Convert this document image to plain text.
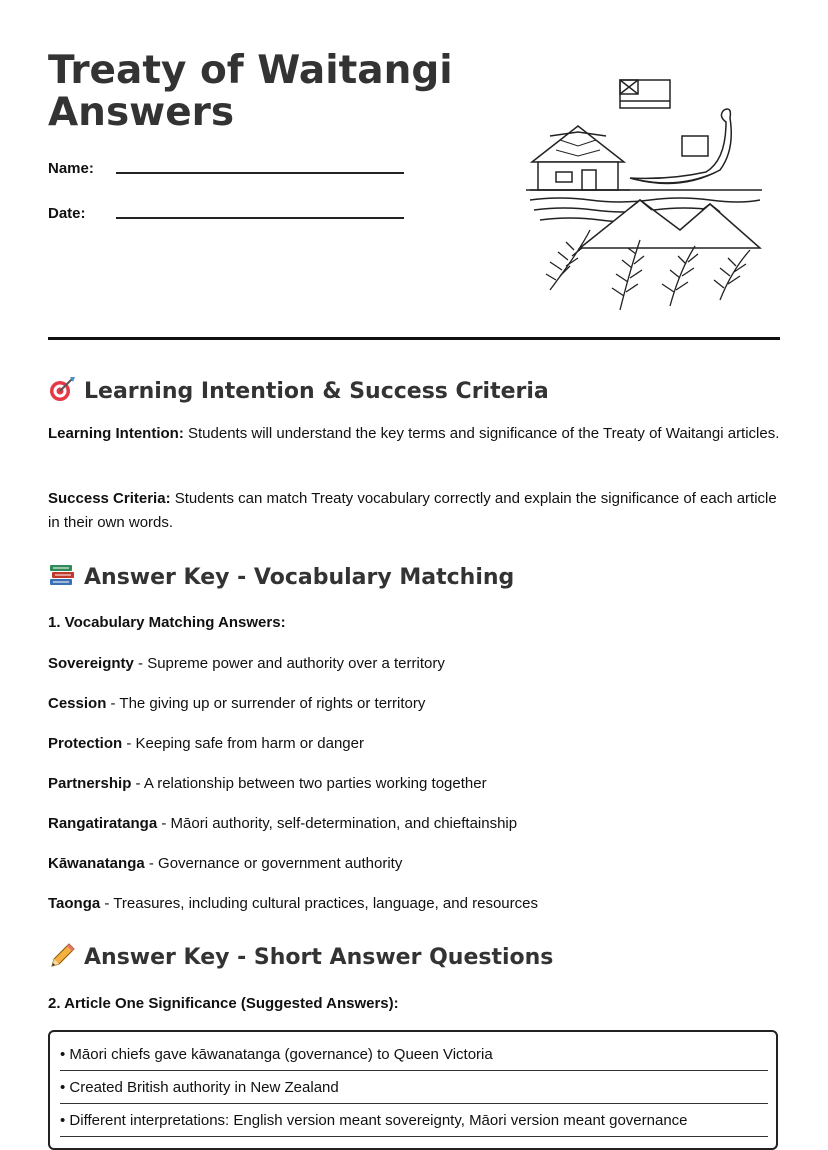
Treaty of Waitangi
Answers
Name:
Date:
Learning Intention & Success Criteria
Learning Intention: Students will understand the key terms and significance of the Treaty of Waitangi articles.
Success Criteria: Students can match Treaty vocabulary correctly and explain the significance of each article in their own words.
Answer Key - Vocabulary Matching
1. Vocabulary Matching Answers:
Sovereignty - Supreme power and authority over a territory
Cession - The giving up or surrender of rights or territory
Protection - Keeping safe from harm or danger
Partnership - A relationship between two parties working together
Rangatiratanga - Māori authority, self-determination, and chieftainship
Kāwanatanga - Governance or government authority
Taonga - Treasures, including cultural practices, language, and resources
Answer Key - Short Answer Questions
2. Article One Significance (Suggested Answers):
• Māori chiefs gave kāwanatanga (governance) to Queen Victoria
• Created British authority in New Zealand
• Different interpretations: English version meant sovereignty, Māori version meant governance
